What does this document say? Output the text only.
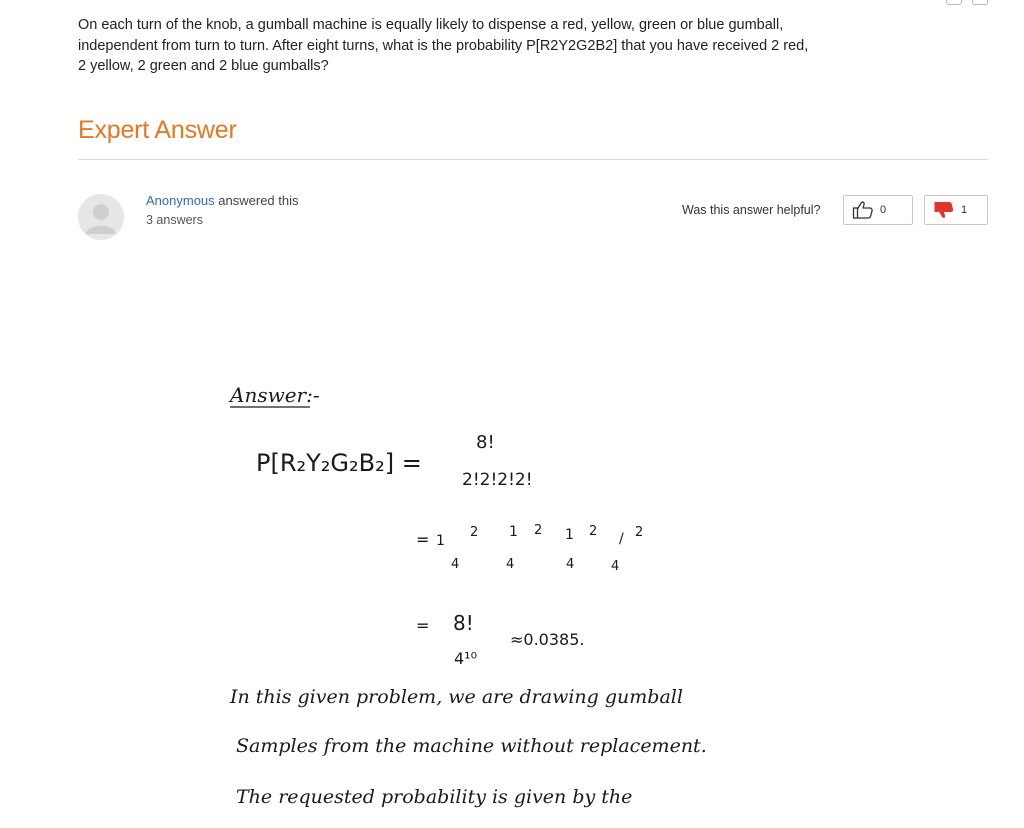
On each turn of the knob, a gumball machine is equally likely to dispense a red, yellow, green or blue gumball, independent from turn to turn. After eight turns, what is the probability P[R2Y2G2B2] that you have received 2 red, 2 yellow, 2 green and 2 blue gumballs?
Expert Answer
Anonymous answered this
3 answers
Was this answer helpful?	0	1
Answer:-
P[R₂Y₂G₂B₂] =
8!
2!2!2!2!
= 1
2
4
1 2
4
1 2
4
/ 2
4
= 8!
4¹⁰
≈0.0385.
In this given problem, we are drawing gumball
Samples from the machine without replacement.
The requested probability is given by the
